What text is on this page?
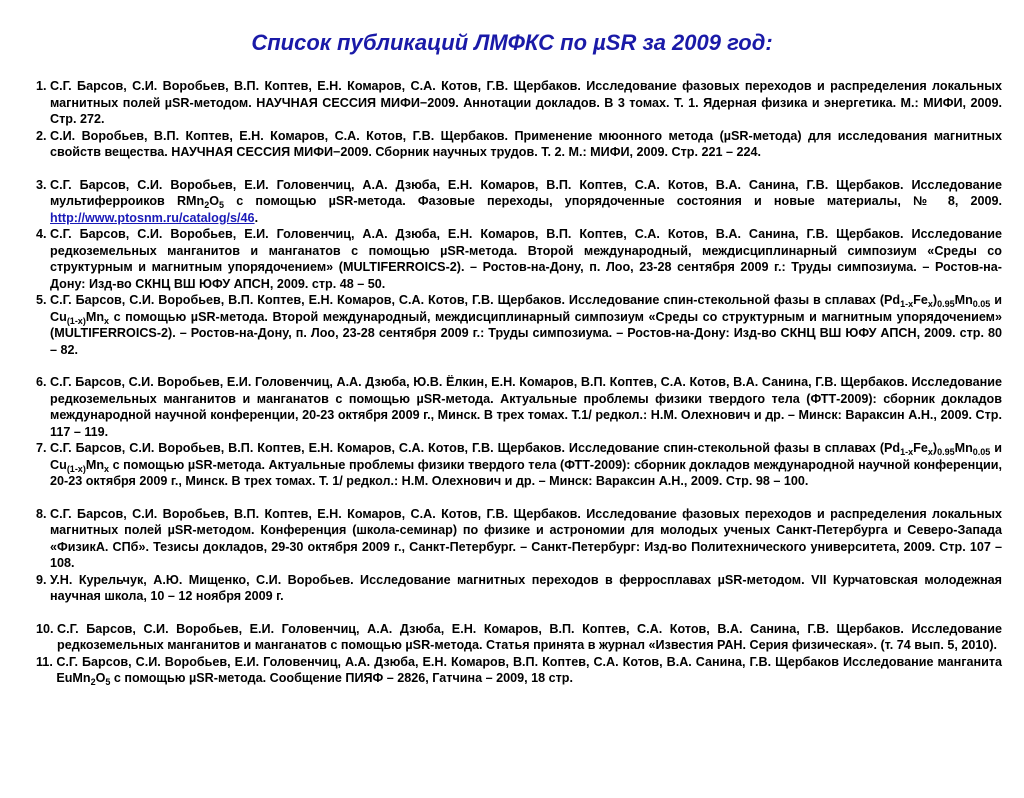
Список публикаций ЛМФКС по µSR за 2009 год:
1. С.Г. Барсов, С.И. Воробьев, В.П. Коптев, Е.Н. Комаров, С.А. Котов, Г.В. Щербаков. Исследование фазовых переходов и распределения локальных магнитных полей µSR-методом. НАУЧНАЯ СЕССИЯ МИФИ−2009. Аннотации докладов. В 3 томах. Т. 1. Ядерная физика и энергетика. М.: МИФИ, 2009. Стр. 272.
2. С.И. Воробьев, В.П. Коптев, Е.Н. Комаров, С.А. Котов, Г.В. Щербаков. Применение мюонного метода (µSR-метода) для исследования магнитных свойств вещества. НАУЧНАЯ СЕССИЯ МИФИ−2009. Сборник научных трудов. Т. 2. М.: МИФИ, 2009. Стр. 221 – 224.
3. С.Г. Барсов, С.И. Воробьев, Е.И. Головенчиц, А.А. Дзюба, Е.Н. Комаров, В.П. Коптев, С.А. Котов, В.А. Санина, Г.В. Щербаков. Исследование мультиферроиков $RMn_2O_5$ с помощью µSR-метода. Фазовые переходы, упорядоченные состояния и новые материалы, № 8, 2009. http://www.ptosnm.ru/catalog/s/46.
4. С.Г. Барсов, С.И. Воробьев, Е.И. Головенчиц, А.А. Дзюба, Е.Н. Комаров, В.П. Коптев, С.А. Котов, В.А. Санина, Г.В. Щербаков. Исследование редкоземельных манганитов и манганатов с помощью µSR-метода. Второй международный, междисциплинарный симпозиум «Среды со структурным и магнитным упорядочением» (MULTIFERROICS-2). – Ростов-на-Дону, п. Лоо, 23-28 сентября 2009 г.: Труды симпозиума. – Ростов-на-Дону: Изд-во СКНЦ ВШ ЮФУ АПСН, 2009. стр. 48 – 50.
5. С.Г. Барсов, С.И. Воробьев, В.П. Коптев, Е.Н. Комаров, С.А. Котов, Г.В. Щербаков. Исследование спин-стекольной фазы в сплавах $(Pd_{1-x}Fe_x)_{0.95}Mn_{0.05}$ и $Cu_{(1-x)}Mn_x$ с помощью µSR-метода. Второй международный, междисциплинарный симпозиум «Среды со структурным и магнитным упорядочением» (MULTIFERROICS-2). – Ростов-на-Дону, п. Лоо, 23-28 сентября 2009 г.: Труды симпозиума. – Ростов-на-Дону: Изд-во СКНЦ ВШ ЮФУ АПСН, 2009. стр. 80 – 82.
6. С.Г. Барсов, С.И. Воробьев, Е.И. Головенчиц, А.А. Дзюба, Ю.В. Ёлкин, Е.Н. Комаров, В.П. Коптев, С.А. Котов, В.А. Санина, Г.В. Щербаков. Исследование редкоземельных манганитов и манганатов с помощью µSR-метода. Актуальные проблемы физики твердого тела (ФТТ-2009): сборник докладов международной научной конференции, 20-23 октября 2009 г., Минск. В трех томах. Т.1/ редкол.: Н.М. Олехнович и др. – Минск: Вараксин А.Н., 2009. Стр. 117 – 119.
7. С.Г. Барсов, С.И. Воробьев, В.П. Коптев, Е.Н. Комаров, С.А. Котов, Г.В. Щербаков. Исследование спин-стекольной фазы в сплавах $(Pd_{1-x}Fe_x)_{0.95}Mn_{0.05}$ и $Cu_{(1-x)}Mn_x$ с помощью µSR-метода. Актуальные проблемы физики твердого тела (ФТТ-2009): сборник докладов международной научной конференции, 20-23 октября 2009 г., Минск. В трех томах. Т. 1/ редкол.: Н.М. Олехнович и др. – Минск: Вараксин А.Н., 2009. Стр. 98 – 100.
8. С.Г. Барсов, С.И. Воробьев, В.П. Коптев, Е.Н. Комаров, С.А. Котов, Г.В. Щербаков. Исследование фазовых переходов и распределения локальных магнитных полей µSR-методом. Конференция (школа-семинар) по физике и астрономии для молодых ученых Санкт-Петербурга и Северо-Запада «ФизикА. СПб». Тезисы докладов, 29-30 октября 2009 г., Санкт-Петербург. – Санкт-Петербург: Изд-во Политехнического университета, 2009. Стр. 107 – 108.
9. У.Н. Курельчук, А.Ю. Мищенко, С.И. Воробьев. Исследование магнитных переходов в ферросплавах µSR-методом. VII Курчатовская молодежная научная школа, 10 – 12 ноября 2009 г.
10. С.Г. Барсов, С.И. Воробьев, Е.И. Головенчиц, А.А. Дзюба, Е.Н. Комаров, В.П. Коптев, С.А. Котов, В.А. Санина, Г.В. Щербаков. Исследование редкоземельных манганитов и манганатов с помощью µSR-метода. Статья принята в журнал «Известия РАН. Серия физическая». (т. 74 вып. 5, 2010).
11. С.Г. Барсов, С.И. Воробьев, Е.И. Головенчиц, А.А. Дзюба, Е.Н. Комаров, В.П. Коптев, С.А. Котов, В.А. Санина, Г.В. Щербаков Исследование манганита $EuMn_2O_5$ с помощью µSR-метода. Сообщение ПИЯФ – 2826, Гатчина – 2009, 18 стр.
